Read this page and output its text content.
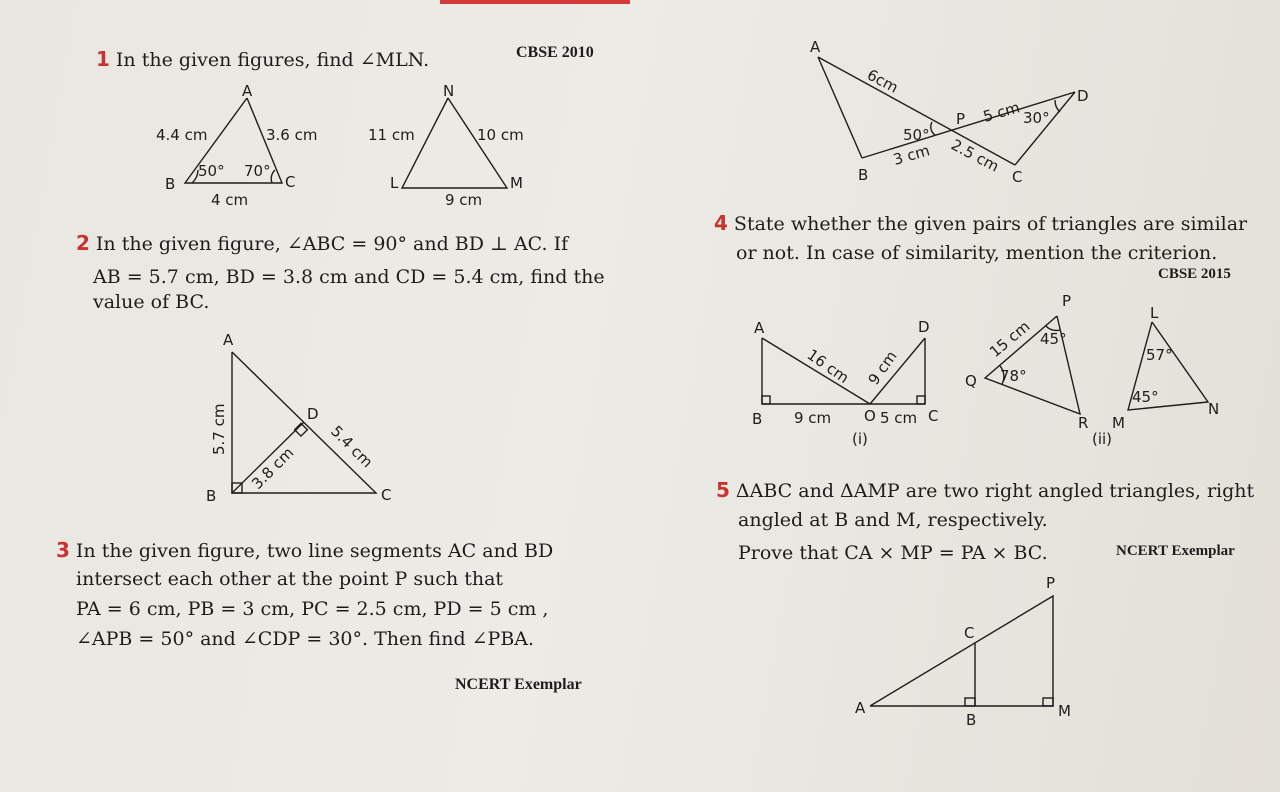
1 In the given figures, find ∠MLN.	CBSE 2010
A
B	C
4.4 cm	3.6 cm
4 cm
50° 70°
N
L	M
11 cm	10 cm
9 cm
A
B	C
D
5.7 cm
3.8 cm 5.4 cm
A
B	C
D
P
6cm
5 cm
3 cm 2.5 cm
50°
30°
A
B	C
D
O
16 cm 9 cm
9 cm	5 cm
(i)
P
Q
R
15 cm 45°
78°
L
M
N
57°
45°
(ii)
A
B
C
M
P
2 In the given figure, ∠ABC = 90° and BD ⊥ AC. If
AB = 5.7 cm, BD = 3.8 cm and CD = 5.4 cm, find the
value of BC.
3 In the given figure, two line segments AC and BD
intersect each other at the point P such that
PA = 6 cm, PB = 3 cm, PC = 2.5 cm, PD = 5 cm ,
∠APB = 50° and ∠CDP = 30°. Then find ∠PBA.
NCERT Exemplar
4 State whether the given pairs of triangles are similar
or not. In case of similarity, mention the criterion.
CBSE 2015
5 ΔABC and ΔAMP are two right angled triangles, right
angled at B and M, respectively.
Prove that CA × MP = PA × BC.	NCERT Exemplar
